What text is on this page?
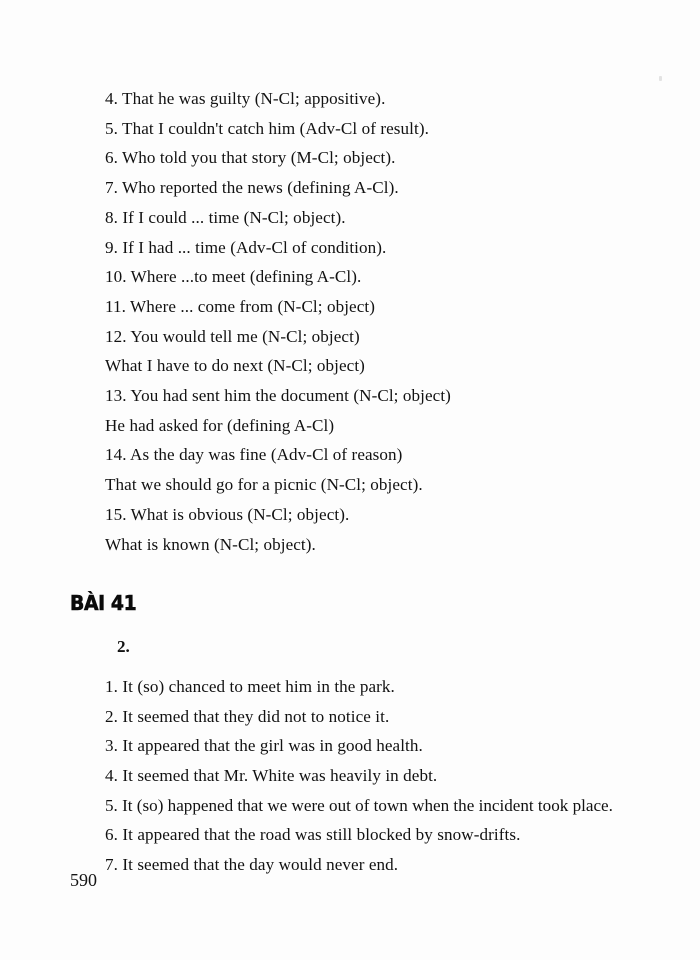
4. That he was guilty (N-Cl; appositive).

5. That I couldn't catch him (Adv-Cl of result).

6. Who told you that story (M-Cl; object).

7. Who reported the news (defining A-Cl).

8. If I could ... time (N-Cl; object).

9. If I had ... time (Adv-Cl of condition).

10. Where ...to meet (defining A-Cl).

11. Where ... come from (N-Cl; object)

12. You would tell me (N-Cl; object)

What I have to do next (N-Cl; object)

13. You had sent him the document (N-Cl; object)

He had asked for (defining A-Cl)

14. As the day was fine (Adv-Cl of reason)

That we should go for a picnic (N-Cl; object).

15. What is obvious (N-Cl; object).

What is known (N-Cl; object).

BÀI 41

2.

1. It (so) chanced to meet him in the park.

2. It seemed that they did not to notice it.

3. It appeared that the girl was in good health.

4. It seemed that Mr. White was heavily in debt.

5. It (so) happened that we were out of town when the incident took place.

6. It appeared that the road was still blocked by snow-drifts.

7. It seemed that the day would never end.

590
